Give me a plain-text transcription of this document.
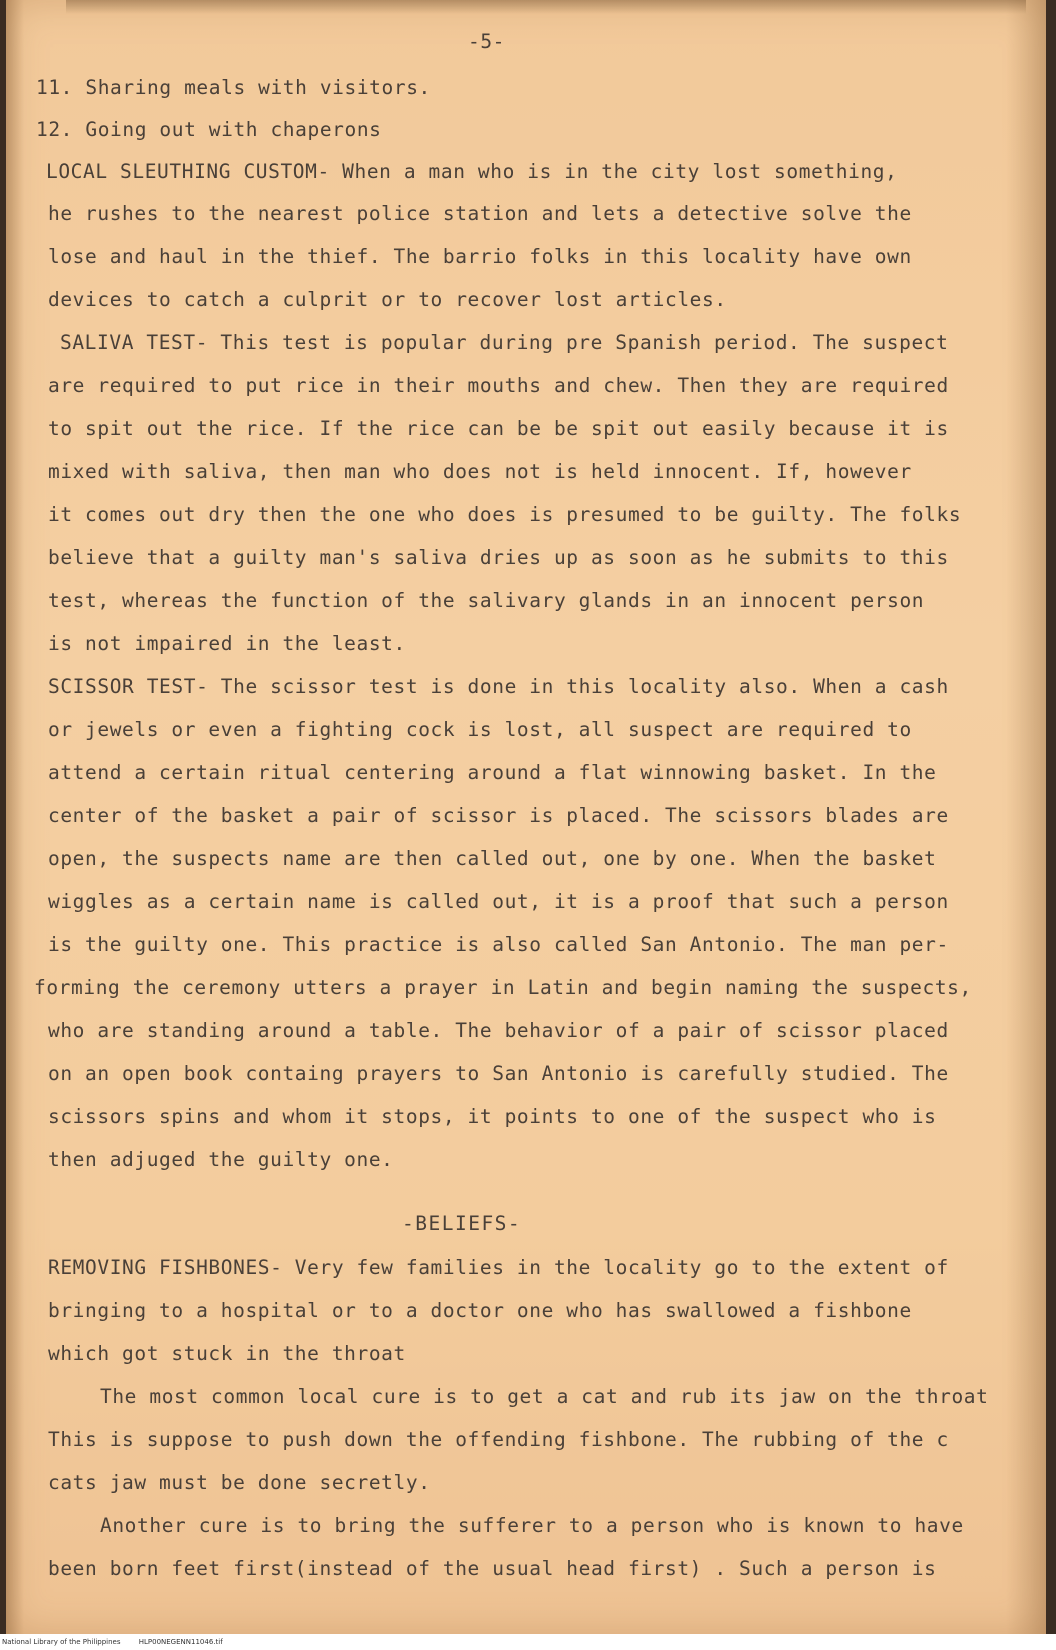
-5-

11. Sharing meals with visitors.

12. Going out with chaperons

LOCAL SLEUTHING CUSTOM- When a man who is in the city lost something,

he rushes to the nearest police station and lets a detective solve the

lose and haul in the thief. The barrio folks in this locality have own

devices to catch a culprit or to recover lost articles.

SALIVA TEST- This test is popular during pre Spanish period. The suspect

are required to put rice in their mouths and chew. Then they are required

to spit out the rice. If the rice can be be spit out easily because it is

mixed with saliva, then man who does not is held innocent. If, however

it comes out dry then the one who does is presumed to be guilty. The folks

believe that a guilty man's saliva dries up as soon as he submits to this

test, whereas the function of the salivary glands in an innocent person

is not impaired in the least.

SCISSOR TEST- The scissor test is done in this locality also. When a cash

or jewels or even a fighting cock is lost, all suspect are required to

attend a certain ritual centering around a flat winnowing basket. In the

center of the basket a pair of scissor is placed. The scissors blades are

open, the suspects name are then called out, one by one. When the basket

wiggles as a certain name is called out, it is a proof that such a person

is the guilty one. This practice is also called San Antonio. The man per-

forming the ceremony utters a prayer in Latin and begin naming the suspects,

who are standing around a table. The behavior of a pair of scissor placed

on an open book containg prayers to San Antonio is carefully studied. The

scissors spins and whom it stops, it points to one of the suspect who is

then adjuged the guilty one.

-BELIEFS-

REMOVING FISHBONES- Very few families in the locality go to the extent of

bringing to a hospital or to a doctor one who has swallowed a fishbone

which got stuck in the throat

The most common local cure is to get a cat and rub its jaw on the throat

This is suppose to push down the offending fishbone. The rubbing of the c

cats jaw must be done secretly.

Another cure is to bring the sufferer to a person who is known to have

been born feet first(instead of the usual head first) . Such a person is

National Library of the Philippines	HLP00NEGENN11046.tif
